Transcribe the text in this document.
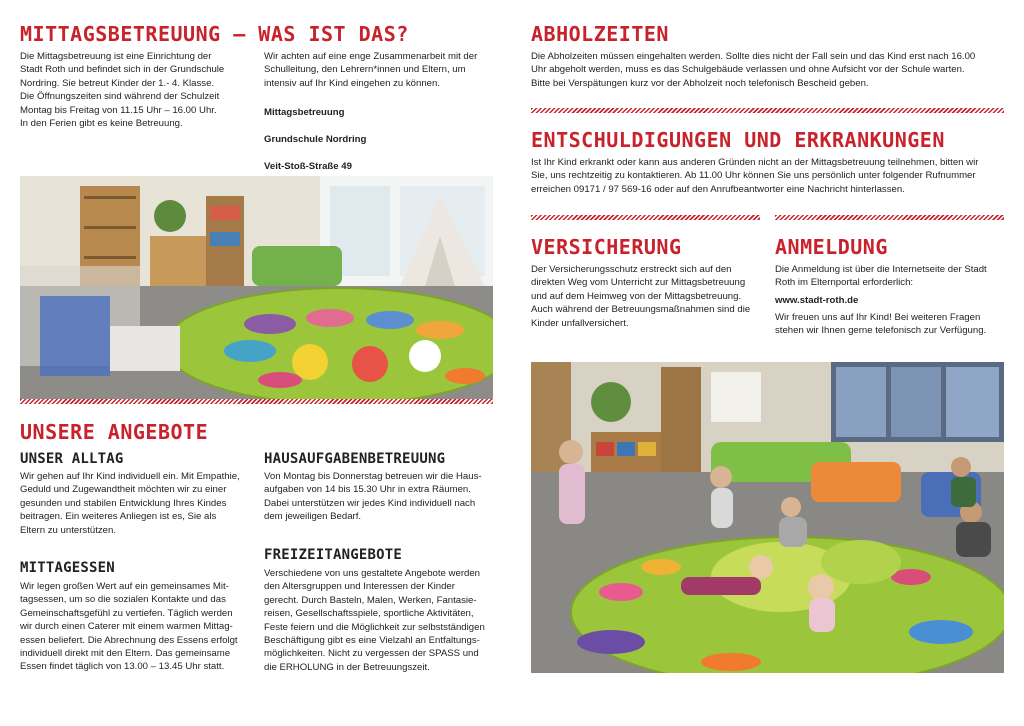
MITTAGSBETREUUNG – WAS IST DAS?

Die Mittagsbetreuung ist eine Einrichtung der
Stadt Roth und befindet sich in der Grundschule
Nordring. Sie betreut Kinder der 1.- 4. Klasse.
Die Öffnungszeiten sind während der Schulzeit
Montag bis Freitag von 11.15 Uhr – 16.00 Uhr.
In den Ferien gibt es keine Betreuung.

Wir achten auf eine enge Zusammenarbeit mit der
Schulleitung, den Lehrern*innen und Eltern, um
intensiv auf Ihr Kind eingehen zu können.

Mittagsbetreuung

Grundschule Nordring

Veit-Stoß-Straße 49

UNSERE ANGEBOTE
UNSER ALLTAG

Wir gehen auf Ihr Kind individuell ein. Mit Empathie,
Geduld und Zugewandtheit möchten wir zu einer
gesunden und stabilen Entwicklung Ihres Kindes
beitragen. Ein weiteres Anliegen ist es, Sie als
Eltern zu unterstützen.

MITTAGESSEN

Wir legen großen Wert auf ein gemeinsames Mit-
tagsessen, um so die sozialen Kontakte und das
Gemeinschaftsgefühl zu vertiefen. Täglich werden
wir durch einen Caterer mit einem warmen Mittag-
essen beliefert. Die Abrechnung des Essens erfolgt
individuell direkt mit den Eltern. Das gemeinsame
Essen findet täglich von 13.00 – 13.45 Uhr statt.

HAUSAUFGABENBETREUUNG

Von Montag bis Donnerstag betreuen wir die Haus-
aufgaben von 14 bis 15.30 Uhr in extra Räumen.
Dabei unterstützen wir jedes Kind individuell nach
dem jeweiligen Bedarf.

FREIZEITANGEBOTE

Verschiedene von uns gestaltete Angebote werden
den Altersgruppen und Interessen der Kinder
gerecht. Durch Basteln, Malen, Werken, Fantasie-
reisen, Gesellschaftsspiele, sportliche Aktivitäten,
Feste feiern und die Möglichkeit zur selbstständigen
Beschäftigung gibt es eine Vielzahl an Entfaltungs-
möglichkeiten. Nicht zu vergessen der SPASS und
die ERHOLUNG in der Betreuungszeit.

ABHOLZEITEN

Die Abholzeiten müssen eingehalten werden. Sollte dies nicht der Fall sein und das Kind erst nach 16.00
Uhr abgeholt werden, muss es das Schulgebäude verlassen und ohne Aufsicht vor der Schule warten.
Bitte bei Verspätungen kurz vor der Abholzeit noch telefonisch Bescheid geben.

ENTSCHULDIGUNGEN UND ERKRANKUNGEN

Ist Ihr Kind erkrankt oder kann aus anderen Gründen nicht an der Mittagsbetreuung teilnehmen, bitten wir
Sie, uns rechtzeitig zu kontaktieren. Ab 11.00 Uhr können Sie uns persönlich unter folgender Rufnummer
erreichen 09171 / 97 569-16 oder auf den Anrufbeantworter eine Nachricht hinterlassen.

VERSICHERUNG

Der Versicherungsschutz erstreckt sich auf den
direkten Weg vom Unterricht zur Mittagsbetreuung
und auf dem Heimweg von der Mittagsbetreuung.
Auch während der Betreuungsmaßnahmen sind die
Kinder unfallversichert.

ANMELDUNG

Die Anmeldung ist über die Internetseite der Stadt
Roth im Elternportal erforderlich:

www.stadt-roth.de

Wir freuen uns auf Ihr Kind! Bei weiteren Fragen
stehen wir Ihnen gerne telefonisch zur Verfügung.
